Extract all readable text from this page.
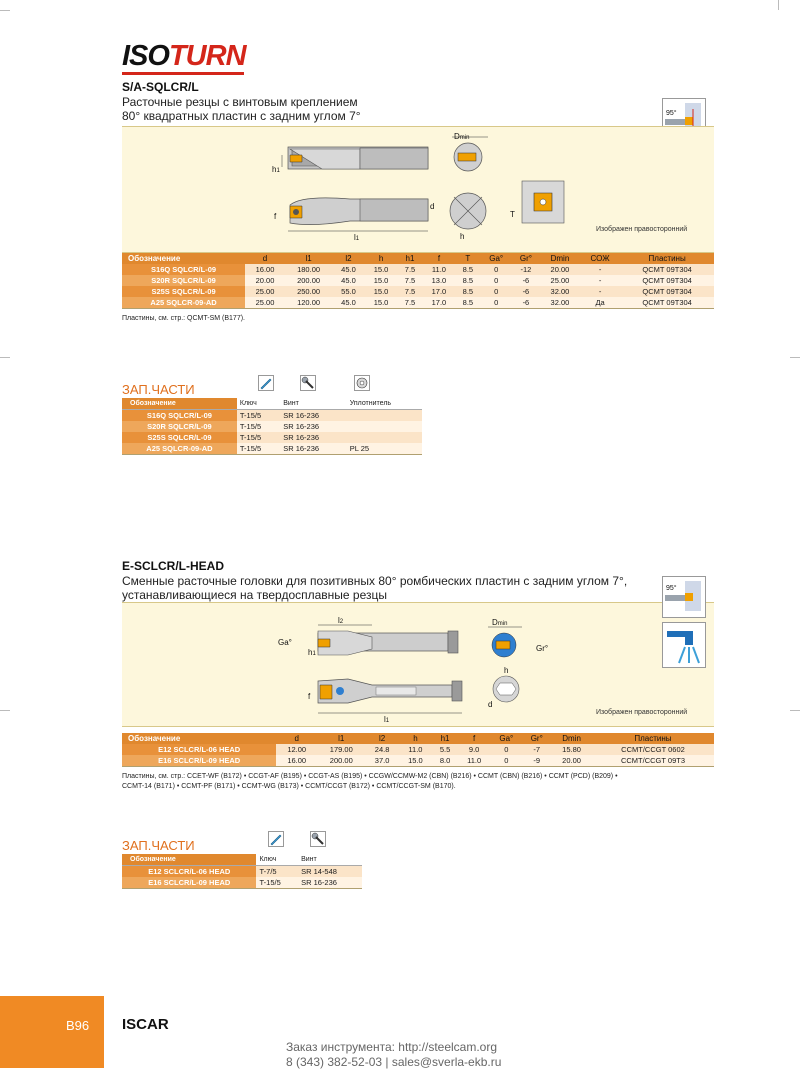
ISOTURN
S/A-SQLCR/L
Расточные резцы с винтовым креплением
80° квадратных пластин с задним углом 7°	95°
h1
f
l1
Dmin
d
h
T
Изображен правосторонний
Обозначение	d	l1	l2	h	h1	f	T	Ga°	Gr°	Dmin	СОЖ	Пластины
S16Q SQLCR/L-09	16.00	180.00	45.0	15.0	7.5	11.0	8.5	0	-12	20.00	-	QCMT 09T304
S20R SQLCR/L-09	20.00	200.00	45.0	15.0	7.5	13.0	8.5	0	-6	25.00	-	QCMT 09T304
S25S SQLCR/L-09	25.00	250.00	55.0	15.0	7.5	17.0	8.5	0	-6	32.00	-	QCMT 09T304
A25 SQLCR-09-AD	25.00	120.00	45.0	15.0	7.5	17.0	8.5	0	-6	32.00	Да	QCMT 09T304
Пластины, см. стр.: QCMT-SM (B177).
ЗАП.ЧАСТИ
Обозначение	Ключ	Винт	Уплотнитель
S16Q SQLCR/L-09	T-15/5	SR 16-236	
S20R SQLCR/L-09	T-15/5	SR 16-236	
S25S SQLCR/L-09	T-15/5	SR 16-236	
A25 SQLCR-09-AD	T-15/5	SR 16-236	PL 25
E-SCLCR/L-HEAD
Сменные расточные головки для позитивных 80° ромбических пластин с задним углом 7°,
устанавливающиеся на твердосплавные резцы
Ga°
h1
l2
f
l1
Dmin
Gr°
h
d
Изображен правосторонний
95°
Обозначение	d	l1	l2	h	h1	f	Ga°	Gr°	Dmin	Пластины
E12 SCLCR/L-06 HEAD	12.00	179.00	24.8	11.0	5.5	9.0	0	-7	15.80	CCMT/CCGT 0602
E16 SCLCR/L-09 HEAD	16.00	200.00	37.0	15.0	8.0	11.0	0	-9	20.00	CCMT/CCGT 09T3
Пластины, см. стр.: CCET-WF (B172) • CCGT-AF (B195) • CCGT-AS (B195) • CCGW/CCMW-M2 (CBN) (B216) • CCMT (CBN) (B216) • CCMT (PCD) (B209) •
CCMT-14 (B171) • CCMT-PF (B171) • CCMT-WG (B173) • CCMT/CCGT (B172) • CCMT/CCGT-SM (B170).
ЗАП.ЧАСТИ
Обозначение	Ключ	Винт
E12 SCLCR/L-06 HEAD	T-7/5	SR 14-548
E16 SCLCR/L-09 HEAD	T-15/5	SR 16-236
B96 ISCAR
Заказ инструмента: http://steelcam.org
8 (343) 382-52-03 | sales@sverla-ekb.ru
